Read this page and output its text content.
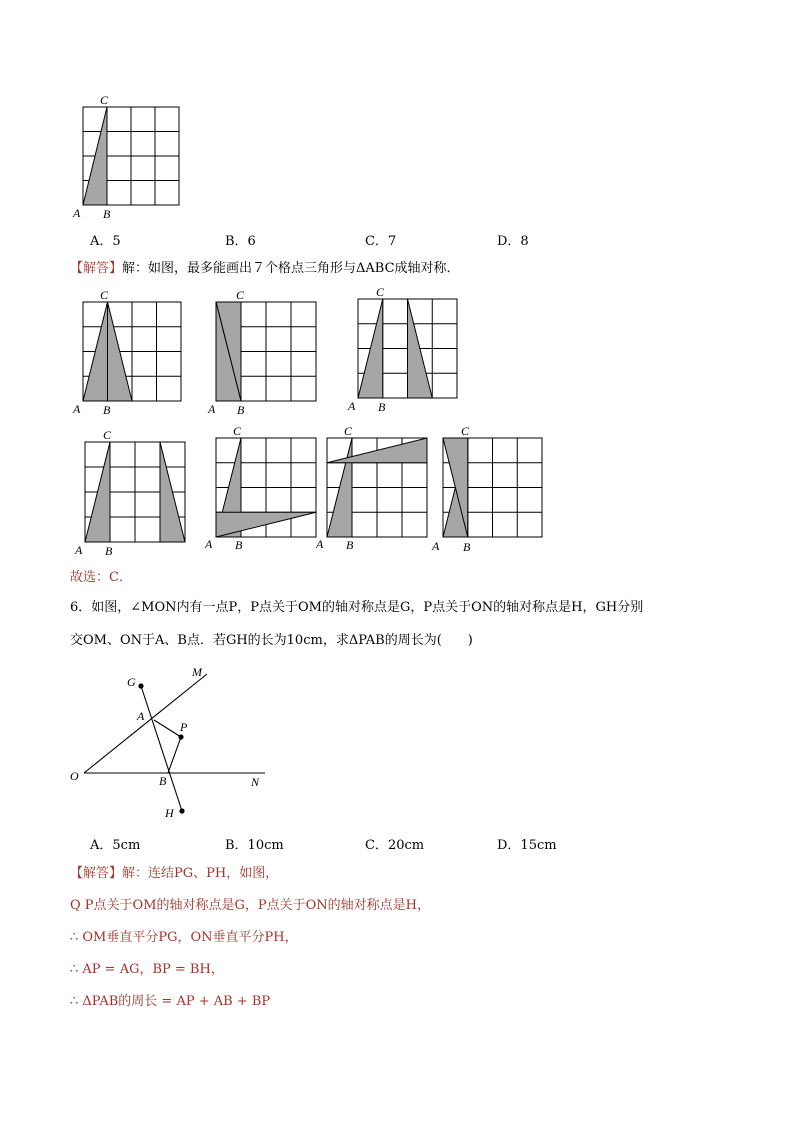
C
A B
A．5	B．6	C．7	D．8
【解答】解：如图，最多能画出７个格点三角形与ΔABC成轴对称．
C
A B
C
A B
C
A B
C
A B
C
A B
C
A B
C
A B
故选：C．
6．如图，∠MON内有一点P，P点关于OM的轴对称点是G，P点关于ON的轴对称点是H，GH分别
交OM、ON于A、B点．若GH的长为10cm，求ΔPAB的周长为(　　)
O
M
N
G
A
P
B
H
A．5cm	B．10cm	C．20cm	D．15cm
【解答】解：连结PG、PH，如图，
Q P点关于OM的轴对称点是G，P点关于ON的轴对称点是H，
∴ OM垂直平分PG，ON垂直平分PH，
∴ AP = AG，BP = BH，
∴ ΔPAB的周长 = AP + AB + BP
